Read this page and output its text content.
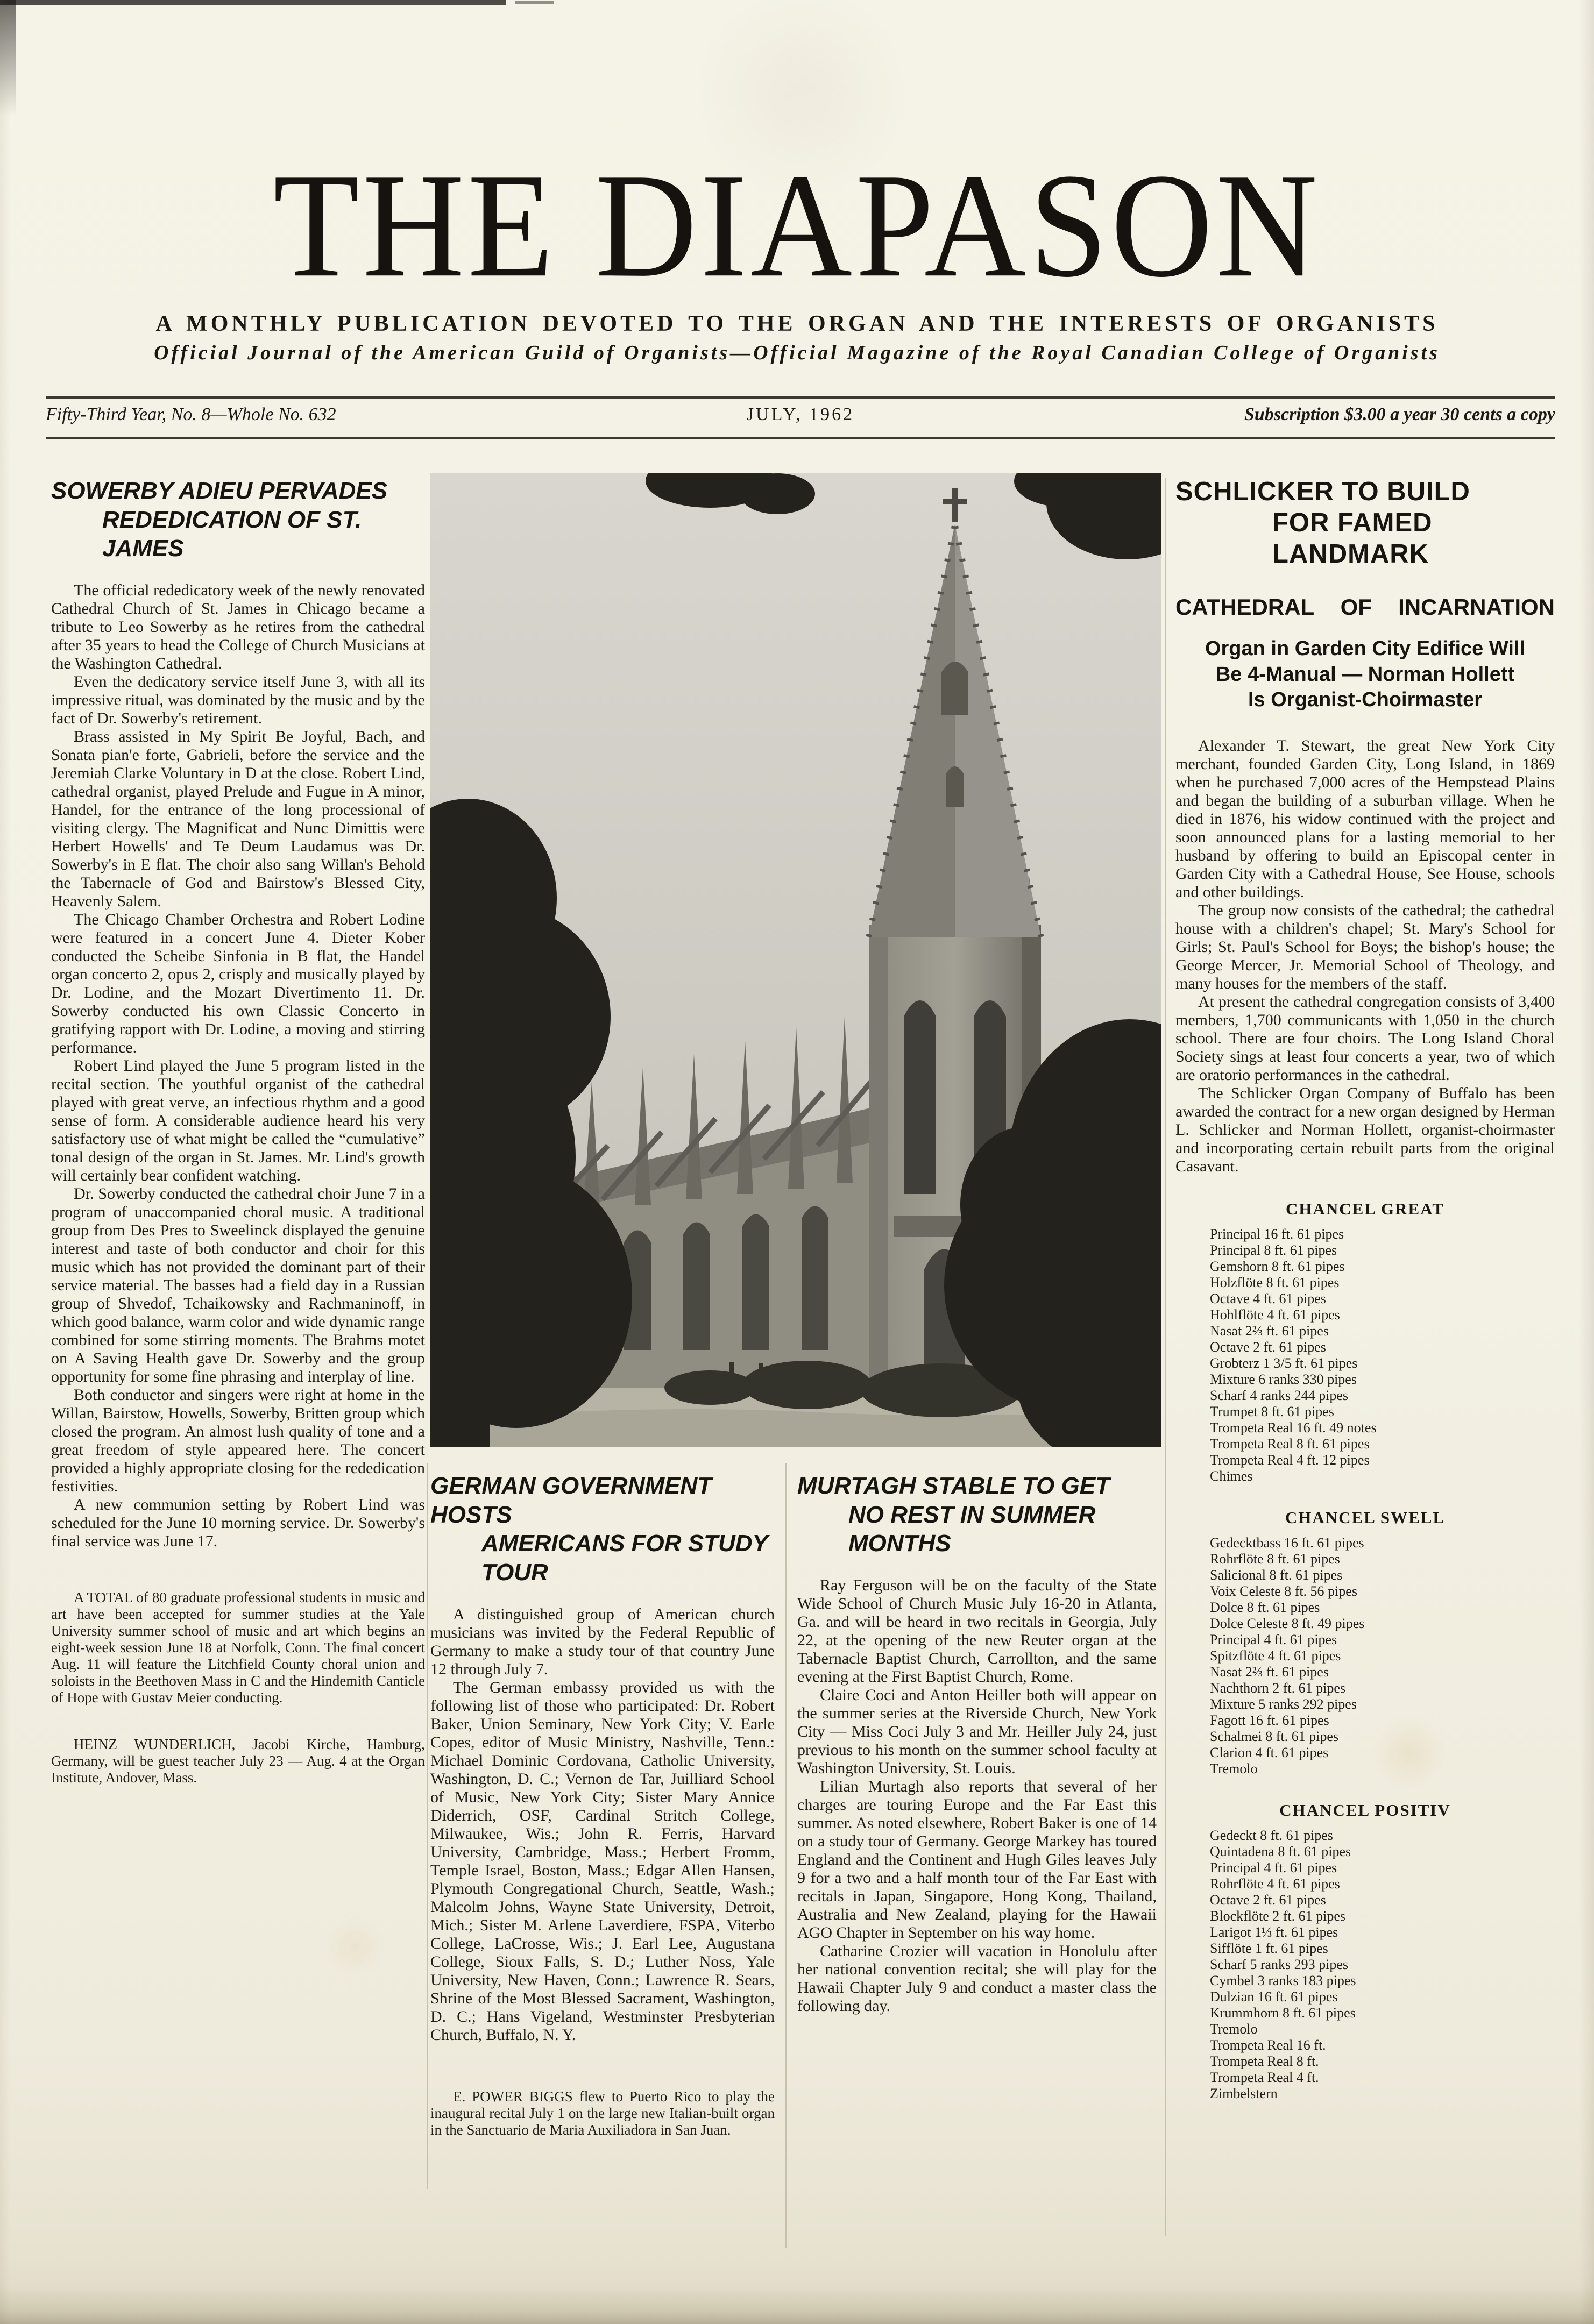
THE DIAPASON
A MONTHLY PUBLICATION DEVOTED TO THE ORGAN AND THE INTERESTS OF ORGANISTS
Official Journal of the American Guild of Organists—Official Magazine of the Royal Canadian College of Organists
Fifty-Third Year, No. 8—Whole No. 632	JULY, 1962	Subscription $3.00 a year 30 cents a copy
SOWERBY ADIEU PERVADES
REDEDICATION OF ST. JAMES

The official rededicatory week of the newly renovated Cathedral Church of St. James in Chicago became a tribute to Leo Sowerby as he retires from the cathedral after 35 years to head the College of Church Musicians at the Washington Cathedral.

Even the dedicatory service itself June 3, with all its impressive ritual, was dominated by the music and by the fact of Dr. Sowerby's retirement.

Brass assisted in My Spirit Be Joyful, Bach, and Sonata pian'e forte, Gabrieli, before the service and the Jeremiah Clarke Voluntary in D at the close. Robert Lind, cathedral organist, played Prelude and Fugue in A minor, Handel, for the entrance of the long processional of visiting clergy. The Magnificat and Nunc Dimittis were Herbert Howells' and Te Deum Laudamus was Dr. Sowerby's in E flat. The choir also sang Willan's Behold the Tabernacle of God and Bairstow's Blessed City, Heavenly Salem.

The Chicago Chamber Orchestra and Robert Lodine were featured in a concert June 4. Dieter Kober conducted the Scheibe Sinfonia in B flat, the Handel organ concerto 2, opus 2, crisply and musically played by Dr. Lodine, and the Mozart Divertimento 11. Dr. Sowerby conducted his own Classic Concerto in gratifying rapport with Dr. Lodine, a moving and stirring performance.

Robert Lind played the June 5 program listed in the recital section. The youthful organist of the cathedral played with great verve, an infectious rhythm and a good sense of form. A considerable audience heard his very satisfactory use of what might be called the “cumulative” tonal design of the organ in St. James. Mr. Lind's growth will certainly bear confident watching.

Dr. Sowerby conducted the cathedral choir June 7 in a program of unaccompanied choral music. A traditional group from Des Pres to Sweelinck displayed the genuine interest and taste of both conductor and choir for this music which has not provided the dominant part of their service material. The basses had a field day in a Russian group of Shvedof, Tchaikowsky and Rachmaninoff, in which good balance, warm color and wide dynamic range combined for some stirring moments. The Brahms motet on A Saving Health gave Dr. Sowerby and the group opportunity for some fine phrasing and interplay of line.

Both conductor and singers were right at home in the Willan, Bairstow, Howells, Sowerby, Britten group which closed the program. An almost lush quality of tone and a great freedom of style appeared here. The concert provided a highly appropriate closing for the rededication festivities.

A new communion setting by Robert Lind was scheduled for the June 10 morning service. Dr. Sowerby's final service was June 17.

A TOTAL of 80 graduate professional students in music and art have been accepted for summer studies at the Yale University summer school of music and art which begins an eight-week session June 18 at Norfolk, Conn. The final concert Aug. 11 will feature the Litchfield County choral union and soloists in the Beethoven Mass in C and the Hindemith Canticle of Hope with Gustav Meier conducting.

HEINZ WUNDERLICH, Jacobi Kirche, Hamburg, Germany, will be guest teacher July 23 — Aug. 4 at the Organ Institute, Andover, Mass.

GERMAN GOVERNMENT HOSTS
AMERICANS FOR STUDY TOUR

A distinguished group of American church musicians was invited by the Federal Republic of Germany to make a study tour of that country June 12 through July 7.

The German embassy provided us with the following list of those who participated: Dr. Robert Baker, Union Seminary, New York City; V. Earle Copes, editor of Music Ministry, Nashville, Tenn.: Michael Dominic Cordovana, Catholic University, Washington, D. C.; Vernon de Tar, Juilliard School of Music, New York City; Sister Mary Annice Diderrich, OSF, Cardinal Stritch College, Milwaukee, Wis.; John R. Ferris, Harvard University, Cambridge, Mass.; Herbert Fromm, Temple Israel, Boston, Mass.; Edgar Allen Hansen, Plymouth Congregational Church, Seattle, Wash.; Malcolm Johns, Wayne State University, Detroit, Mich.; Sister M. Arlene Laverdiere, FSPA, Viterbo College, LaCrosse, Wis.; J. Earl Lee, Augustana College, Sioux Falls, S. D.; Luther Noss, Yale University, New Haven, Conn.; Lawrence R. Sears, Shrine of the Most Blessed Sacrament, Washington, D. C.; Hans Vigeland, Westminster Presbyterian Church, Buffalo, N. Y.

E. POWER BIGGS flew to Puerto Rico to play the inaugural recital July 1 on the large new Italian-built organ in the Sanctuario de Maria Auxiliadora in San Juan.

MURTAGH STABLE TO GET
NO REST IN SUMMER MONTHS

Ray Ferguson will be on the faculty of the State Wide School of Church Music July 16-20 in Atlanta, Ga. and will be heard in two recitals in Georgia, July 22, at the opening of the new Reuter organ at the Tabernacle Baptist Church, Carrollton, and the same evening at the First Baptist Church, Rome.

Claire Coci and Anton Heiller both will appear on the summer series at the Riverside Church, New York City — Miss Coci July 3 and Mr. Heiller July 24, just previous to his month on the summer school faculty at Washington University, St. Louis.

Lilian Murtagh also reports that several of her charges are touring Europe and the Far East this summer. As noted elsewhere, Robert Baker is one of 14 on a study tour of Germany. George Markey has toured England and the Continent and Hugh Giles leaves July 9 for a two and a half month tour of the Far East with recitals in Japan, Singapore, Hong Kong, Thailand, Australia and New Zealand, playing for the Hawaii AGO Chapter in September on his way home.

Catharine Crozier will vacation in Honolulu after her national convention recital; she will play for the Hawaii Chapter July 9 and conduct a master class the following day.

SCHLICKER TO BUILD
FOR FAMED LANDMARK
CATHEDRAL OF INCARNATION
Organ in Garden City Edifice Will
Be 4-Manual — Norman Hollett
Is Organist-Choirmaster

Alexander T. Stewart, the great New York City merchant, founded Garden City, Long Island, in 1869 when he purchased 7,000 acres of the Hempstead Plains and began the building of a suburban village. When he died in 1876, his widow continued with the project and soon announced plans for a lasting memorial to her husband by offering to build an Episcopal center in Garden City with a Cathedral House, See House, schools and other buildings.

The group now consists of the cathedral; the cathedral house with a children's chapel; St. Mary's School for Girls; St. Paul's School for Boys; the bishop's house; the George Mercer, Jr. Memorial School of Theology, and many houses for the members of the staff.

At present the cathedral congregation consists of 3,400 members, 1,700 communicants with 1,050 in the church school. There are four choirs. The Long Island Choral Society sings at least four concerts a year, two of which are oratorio performances in the cathedral.

The Schlicker Organ Company of Buffalo has been awarded the contract for a new organ designed by Herman L. Schlicker and Norman Hollett, organist-choirmaster and incorporating certain rebuilt parts from the original Casavant.

CHANCEL GREAT
Principal 16 ft. 61 pipes
Principal 8 ft. 61 pipes
Gemshorn 8 ft. 61 pipes
Holzflöte 8 ft. 61 pipes
Octave 4 ft. 61 pipes
Hohlflöte 4 ft. 61 pipes
Nasat 2⅔ ft. 61 pipes
Octave 2 ft. 61 pipes
Grobterz 1 3/5 ft. 61 pipes
Mixture 6 ranks 330 pipes
Scharf 4 ranks 244 pipes
Trumpet 8 ft. 61 pipes
Trompeta Real 16 ft. 49 notes
Trompeta Real 8 ft. 61 pipes
Trompeta Real 4 ft. 12 pipes
Chimes
CHANCEL SWELL
Gedecktbass 16 ft. 61 pipes
Rohrflöte 8 ft. 61 pipes
Salicional 8 ft. 61 pipes
Voix Celeste 8 ft. 56 pipes
Dolce 8 ft. 61 pipes
Dolce Celeste 8 ft. 49 pipes
Principal 4 ft. 61 pipes
Spitzflöte 4 ft. 61 pipes
Nasat 2⅔ ft. 61 pipes
Nachthorn 2 ft. 61 pipes
Mixture 5 ranks 292 pipes
Fagott 16 ft. 61 pipes
Schalmei 8 ft. 61 pipes
Clarion 4 ft. 61 pipes
Tremolo
CHANCEL POSITIV
Gedeckt 8 ft. 61 pipes
Quintadena 8 ft. 61 pipes
Principal 4 ft. 61 pipes
Rohrflöte 4 ft. 61 pipes
Octave 2 ft. 61 pipes
Blockflöte 2 ft. 61 pipes
Larigot 1⅓ ft. 61 pipes
Sifflöte 1 ft. 61 pipes
Scharf 5 ranks 293 pipes
Cymbel 3 ranks 183 pipes
Dulzian 16 ft. 61 pipes
Krummhorn 8 ft. 61 pipes
Tremolo
Trompeta Real 16 ft.
Trompeta Real 8 ft.
Trompeta Real 4 ft.
Zimbelstern
